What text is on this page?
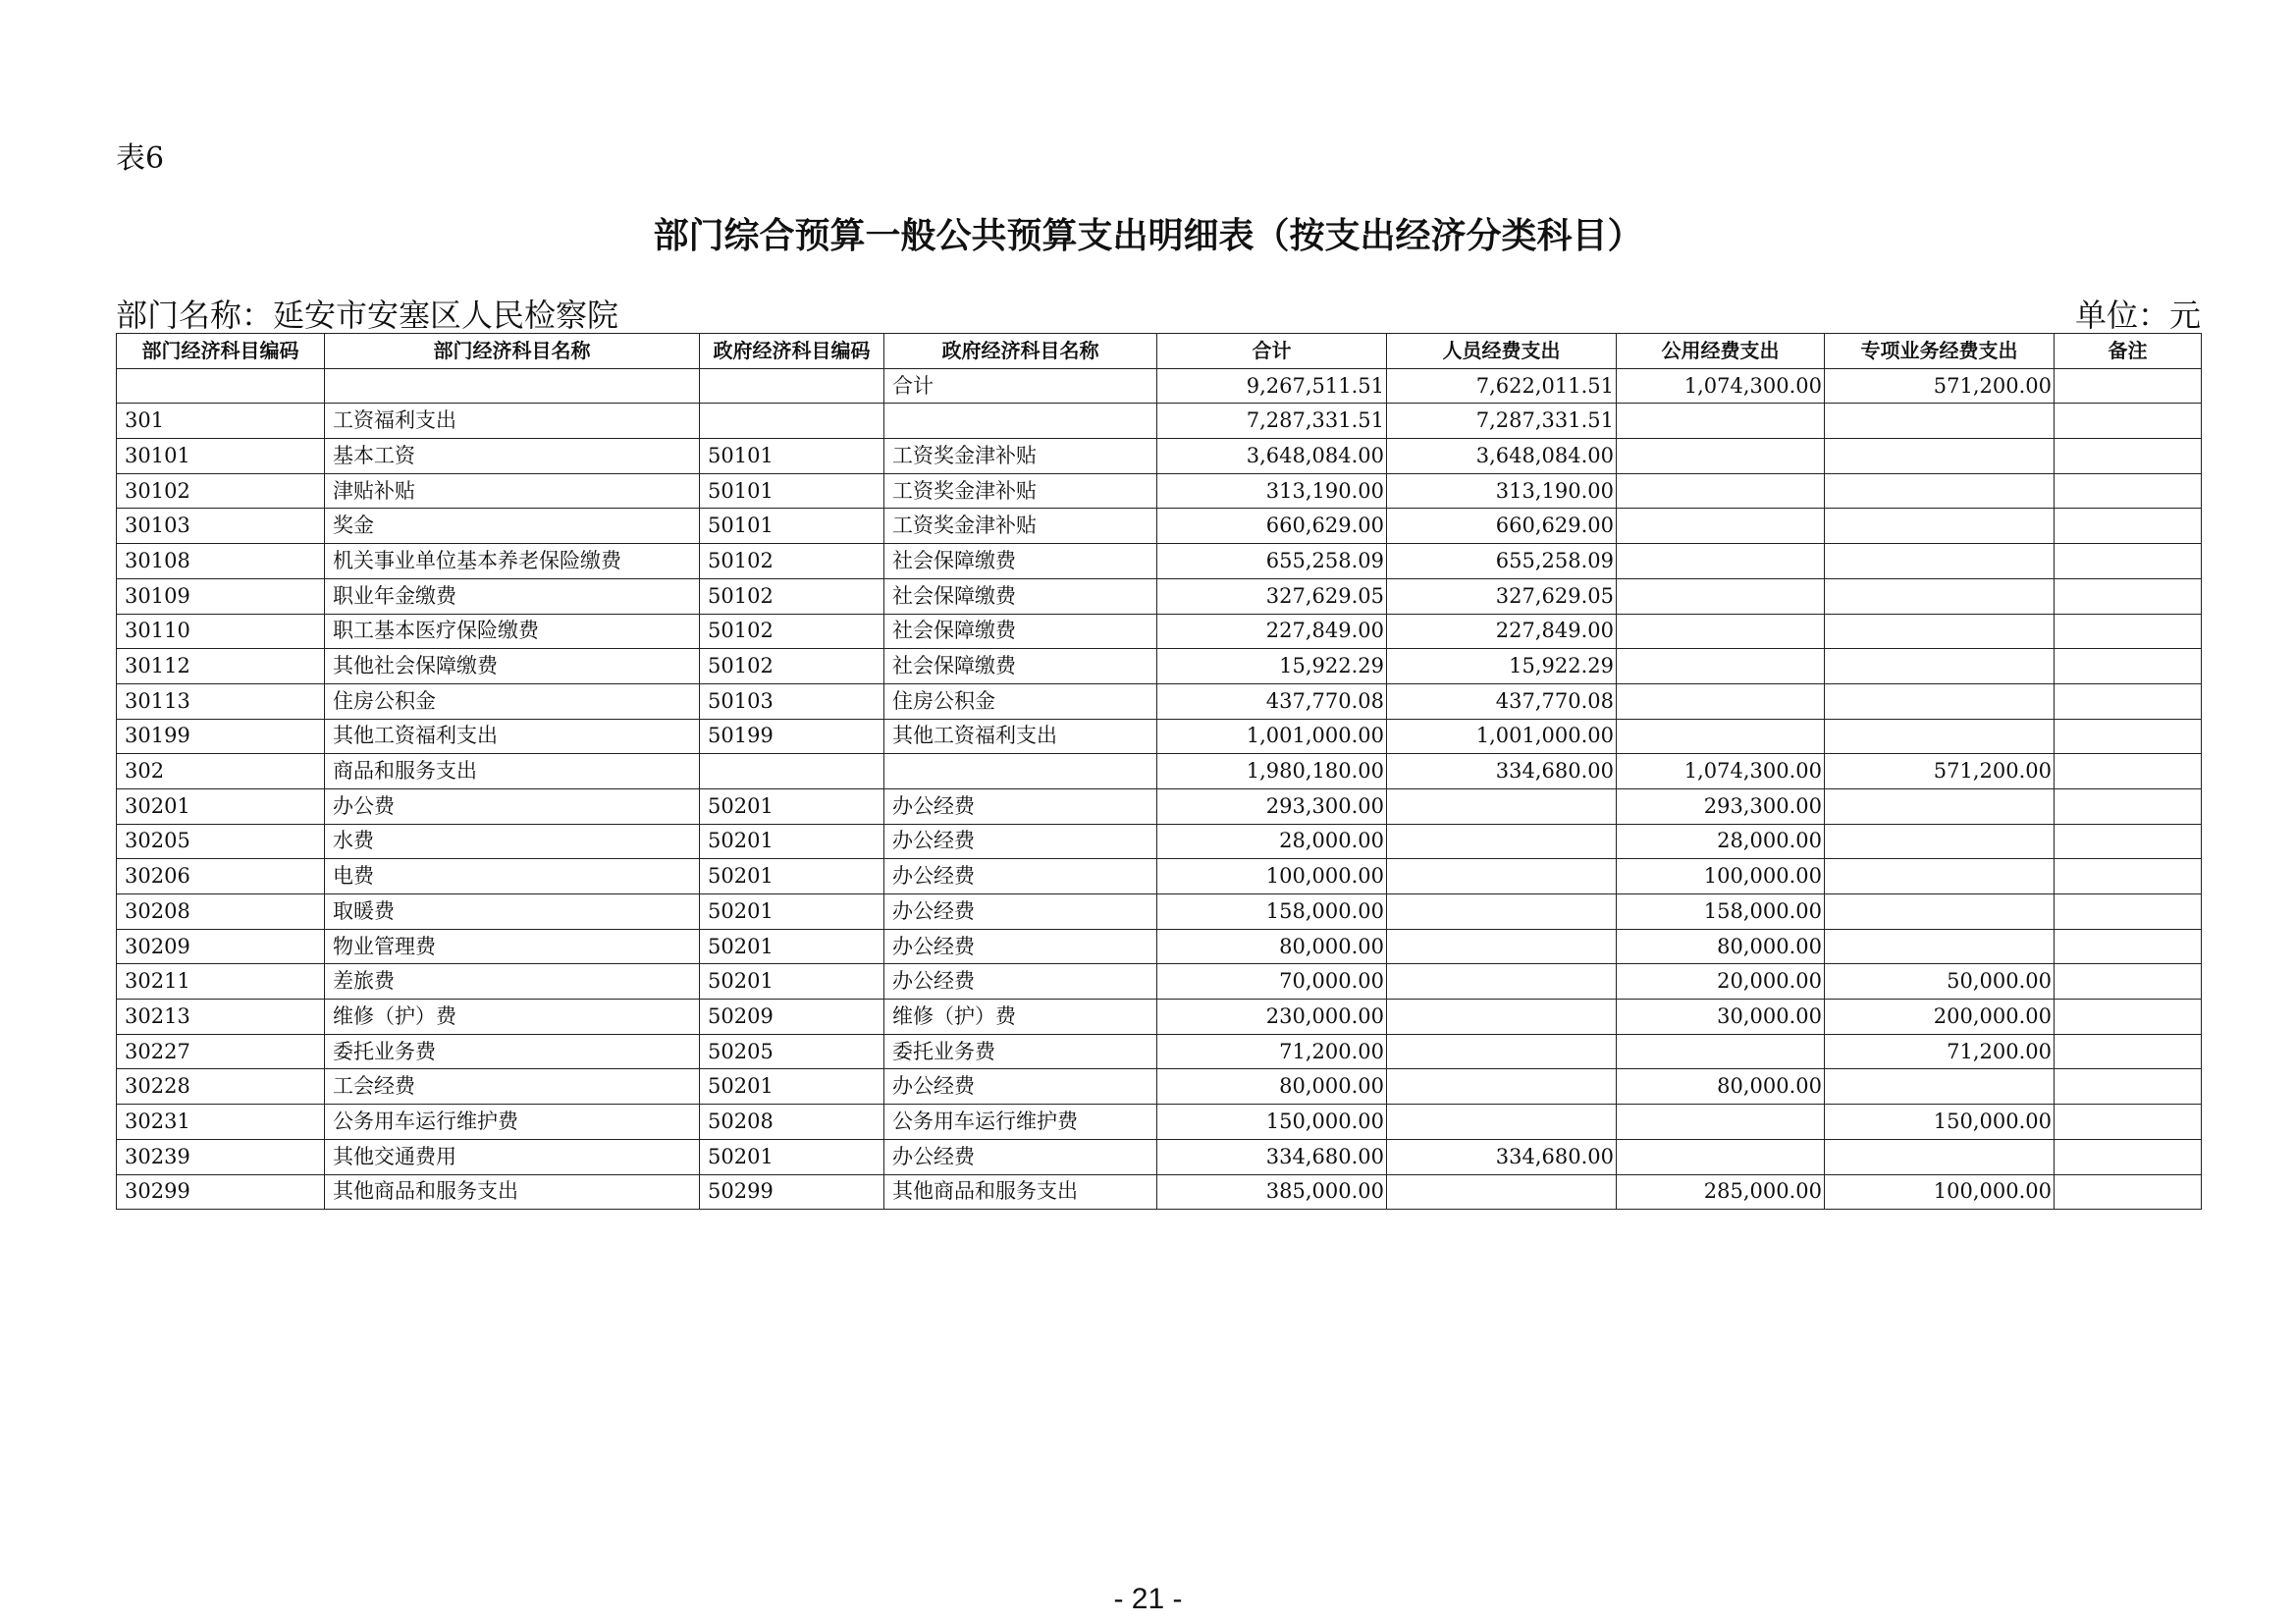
表6
部门综合预算一般公共预算支出明细表（按支出经济分类科目）
部门名称：延安市安塞区人民检察院	单位：元
部门经济科目编码	部门经济科目名称	政府经济科目编码	政府经济科目名称	合计	人员经费支出	公用经费支出	专项业务经费支出	备注
			合计	9,267,511.51	7,622,011.51	1,074,300.00	571,200.00	
301	工资福利支出			7,287,331.51	7,287,331.51			
30101	基本工资	50101	工资奖金津补贴	3,648,084.00	3,648,084.00			
30102	津贴补贴	50101	工资奖金津补贴	313,190.00	313,190.00			
30103	奖金	50101	工资奖金津补贴	660,629.00	660,629.00			
30108	机关事业单位基本养老保险缴费	50102	社会保障缴费	655,258.09	655,258.09			
30109	职业年金缴费	50102	社会保障缴费	327,629.05	327,629.05			
30110	职工基本医疗保险缴费	50102	社会保障缴费	227,849.00	227,849.00			
30112	其他社会保障缴费	50102	社会保障缴费	15,922.29	15,922.29			
30113	住房公积金	50103	住房公积金	437,770.08	437,770.08			
30199	其他工资福利支出	50199	其他工资福利支出	1,001,000.00	1,001,000.00			
302	商品和服务支出			1,980,180.00	334,680.00	1,074,300.00	571,200.00	
30201	办公费	50201	办公经费	293,300.00		293,300.00		
30205	水费	50201	办公经费	28,000.00		28,000.00		
30206	电费	50201	办公经费	100,000.00		100,000.00		
30208	取暖费	50201	办公经费	158,000.00		158,000.00		
30209	物业管理费	50201	办公经费	80,000.00		80,000.00		
30211	差旅费	50201	办公经费	70,000.00		20,000.00	50,000.00	
30213	维修（护）费	50209	维修（护）费	230,000.00		30,000.00	200,000.00	
30227	委托业务费	50205	委托业务费	71,200.00			71,200.00	
30228	工会经费	50201	办公经费	80,000.00		80,000.00		
30231	公务用车运行维护费	50208	公务用车运行维护费	150,000.00			150,000.00	
30239	其他交通费用	50201	办公经费	334,680.00	334,680.00			
30299	其他商品和服务支出	50299	其他商品和服务支出	385,000.00		285,000.00	100,000.00	
- 21 -
